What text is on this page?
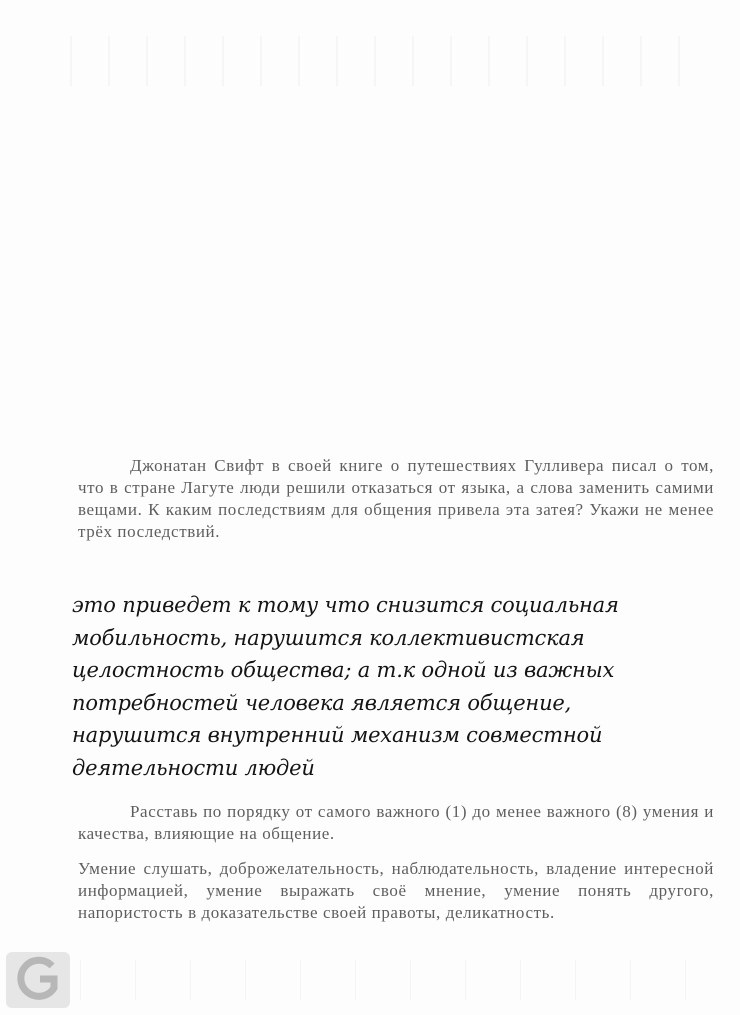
Джонатан Свифт в своей книге о путешествиях Гулливера писал о том, что в стране Лагуте люди решили отказаться от языка, а слова заменить самими вещами. К каким последствиям для общения привела эта затея? Укажи не менее трёх последствий.

это приведет к тому что снизится социальная
мобильность, нарушится коллективистская
целостность общества; а т.к одной из важных
потребностей человека является общение,
нарушится внутренний механизм совместной
деятельности людей

Расставь по порядку от самого важного (1) до менее важного (8) умения и качества, влияющие на общение.

Умение слушать, доброжелательность, наблюдательность, владение интересной информацией, умение выражать своё мнение, умение понять другого, напористость в доказательстве своей правоты, деликатность.
